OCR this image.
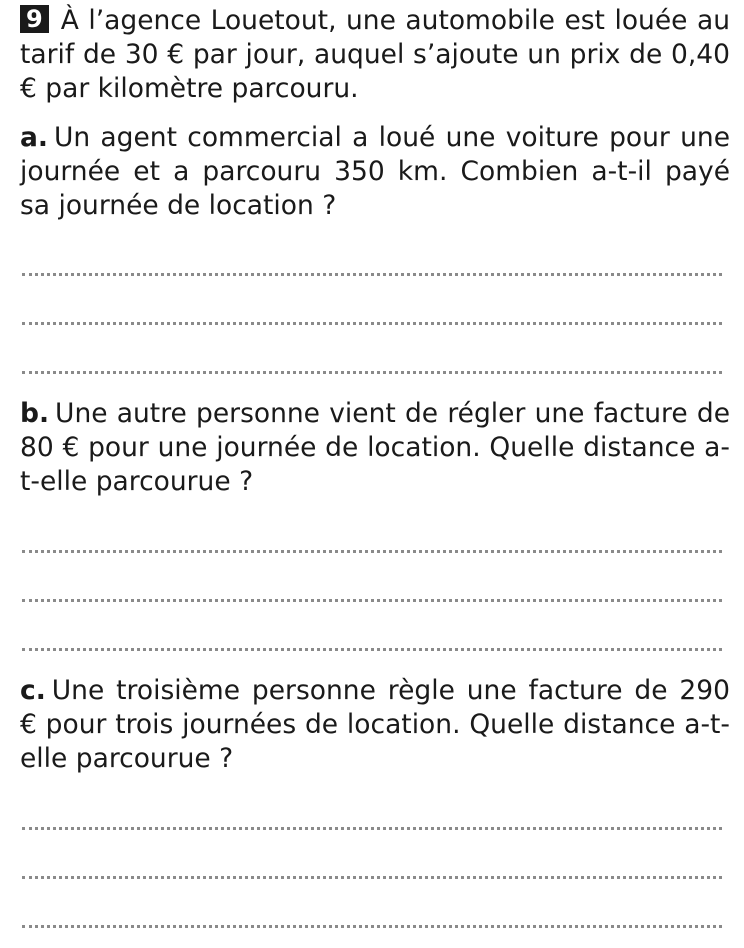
9 À l’agence Louetout, une automobile est louée au tarif de 30 € par jour, auquel s’ajoute un prix de 0,40 € par kilomètre parcouru.

a. Un agent commercial a loué une voiture pour une journée et a parcouru 350 km. Combien a-t-il payé sa journée de location ?

b. Une autre personne vient de régler une facture de 80 € pour une journée de location. Quelle distance a-t-elle parcourue ?

c. Une troisième personne règle une facture de 290 € pour trois journées de location. Quelle distance a-t-elle parcourue ?
